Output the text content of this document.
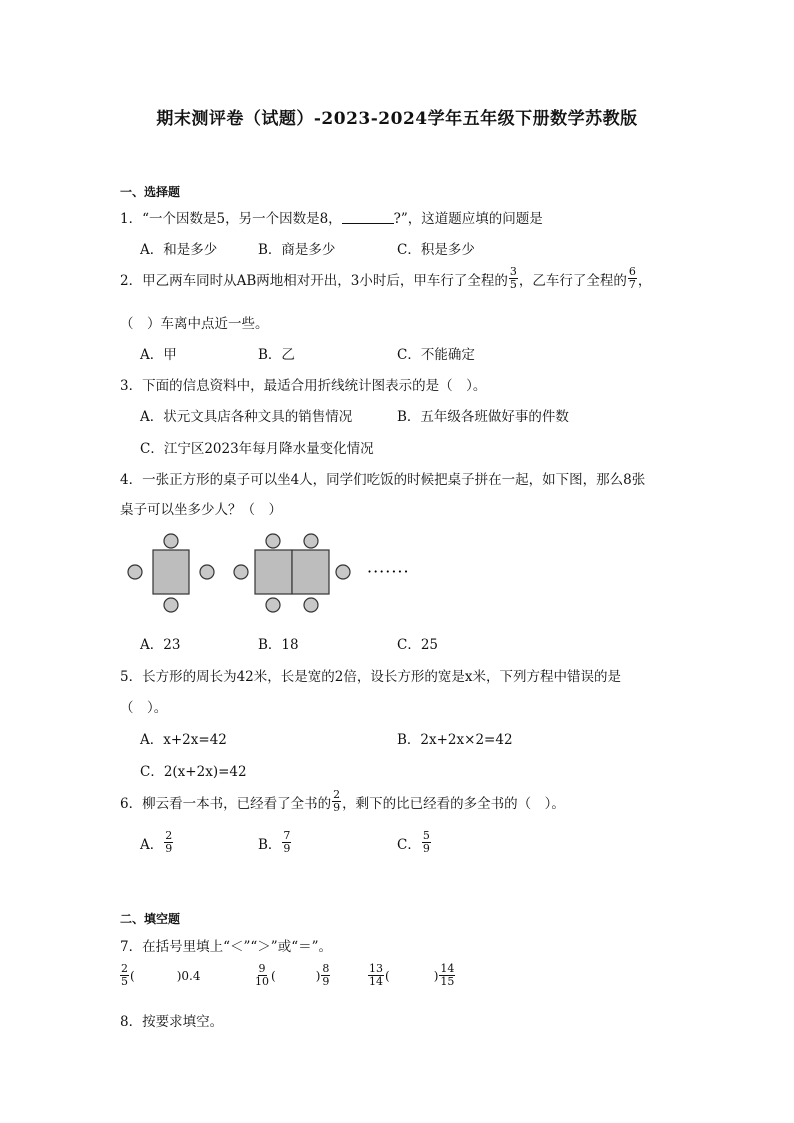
期末测评卷（试题）-2023-2024学年五年级下册数学苏教版
一、选择题
1．“一个因数是5，另一个因数是8，	?”，这道题应填的问题是
A．和是多少	B．商是多少	C．积是多少
2．甲乙两车同时从AB两地相对开出，3小时后，甲车行了全程的 $\frac{3}{5}$ ，乙车行了全程的 $\frac{6}{7}$ ，
（　）车离中点近一些。
A．甲	B．乙	C．不能确定
3．下面的信息资料中，最适合用折线统计图表示的是（　）。
A．状元文具店各种文具的销售情况	B．五年级各班做好事的件数
C．江宁区2023年每月降水量变化情况
4．一张正方形的桌子可以坐4人，同学们吃饭的时候把桌子拼在一起，如下图，那么8张
桌子可以坐多少人？（　）
·······
A．23	B．18	C．25
5．长方形的周长为42米，长是宽的2倍，设长方形的宽是x米，下列方程中错误的是
（　）。
A．x+2x=42	B．2x+2x×2=42
C．2(x+2x)=42
6．柳云看一本书，已经看了全书的 $\frac{2}{9}$ ，剩下的比已经看的多全书的（　）。
A． $\frac{2}{9}$	B． $\frac{7}{9}$	C． $\frac{5}{9}$
二、填空题
7．在括号里填上“＜”“＞”或“＝”。
$\frac{2}{5}$ (	) 0.4	$\frac{9}{10}$ (	) $\frac{8}{9}$	$\frac{13}{14}$ (	) $\frac{14}{15}$
8．按要求填空。
